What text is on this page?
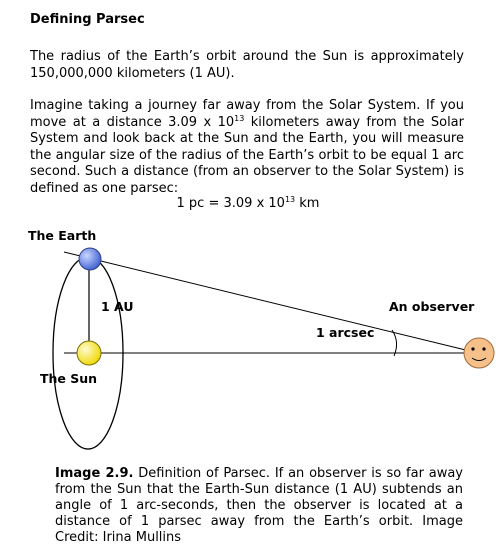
Defining Parsec

The radius of the Earth’s orbit around the Sun is approximately 150,000,000 kilometers (1 AU).

Imagine taking a journey far away from the Solar System. If you move at a distance 3.09 x $10^{13}$ kilometers away from the Solar System and look back at the Sun and the Earth, you will measure the angular size of the radius of the Earth’s orbit to be equal 1 arc second. Such a distance (from an observer to the Solar System) is defined as one parsec:

1 pc = 3.09 x $10^{13}$ km
The Earth
1 AU	An observer
1 arcsec
The Sun

Image 2.9. Definition of Parsec. If an observer is so far away from the Sun that the Earth-Sun distance (1 AU) subtends an angle of 1 arc-seconds, then the observer is located at a distance of 1 parsec away from the Earth’s orbit. Image Credit: Irina Mullins
